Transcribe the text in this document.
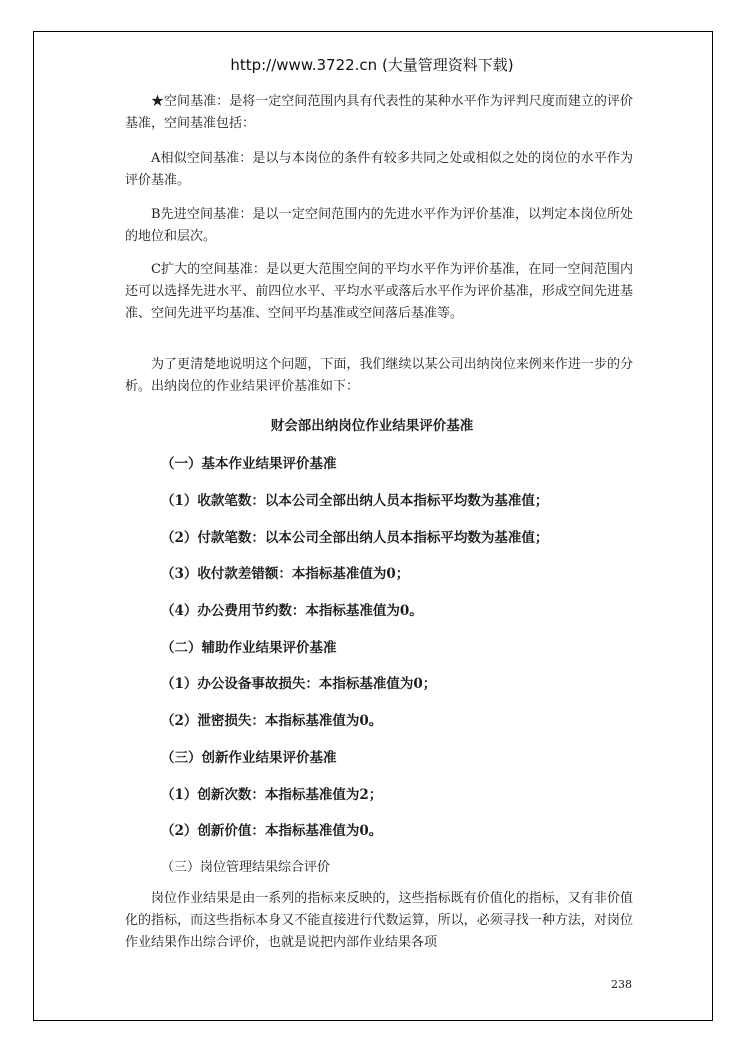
http://www.3722.cn (大量管理资料下载)
★空间基准：是将一定空间范围内具有代表性的某种水平作为评判尺度而建立的评价基准，空间基准包括：
A相似空间基准：是以与本岗位的条件有较多共同之处或相似之处的岗位的水平作为评价基准。
B先进空间基准：是以一定空间范围内的先进水平作为评价基准，以判定本岗位所处的地位和层次。
C扩大的空间基准：是以更大范围空间的平均水平作为评价基准，在同一空间范围内还可以选择先进水平、前四位水平、平均水平或落后水平作为评价基准，形成空间先进基准、空间先进平均基准、空间平均基准或空间落后基准等。
为了更清楚地说明这个问题，下面，我们继续以某公司出纳岗位来例来作进一步的分析。出纳岗位的作业结果评价基准如下：
财会部出纳岗位作业结果评价基准
（一）基本作业结果评价基准
（1）收款笔数：以本公司全部出纳人员本指标平均数为基准值；
（2）付款笔数：以本公司全部出纳人员本指标平均数为基准值；
（3）收付款差错额：本指标基准值为0；
（4）办公费用节约数：本指标基准值为0。
（二）辅助作业结果评价基准
（1）办公设备事故损失：本指标基准值为0；
（2）泄密损失：本指标基准值为0。
（三）创新作业结果评价基准
（1）创新次数：本指标基准值为2；
（2）创新价值：本指标基准值为0。
（三）岗位管理结果综合评价
岗位作业结果是由一系列的指标来反映的，这些指标既有价值化的指标，又有非价值化的指标，而这些指标本身又不能直接进行代数运算，所以，必须寻找一种方法，对岗位作业结果作出综合评价，也就是说把内部作业结果各项
238
